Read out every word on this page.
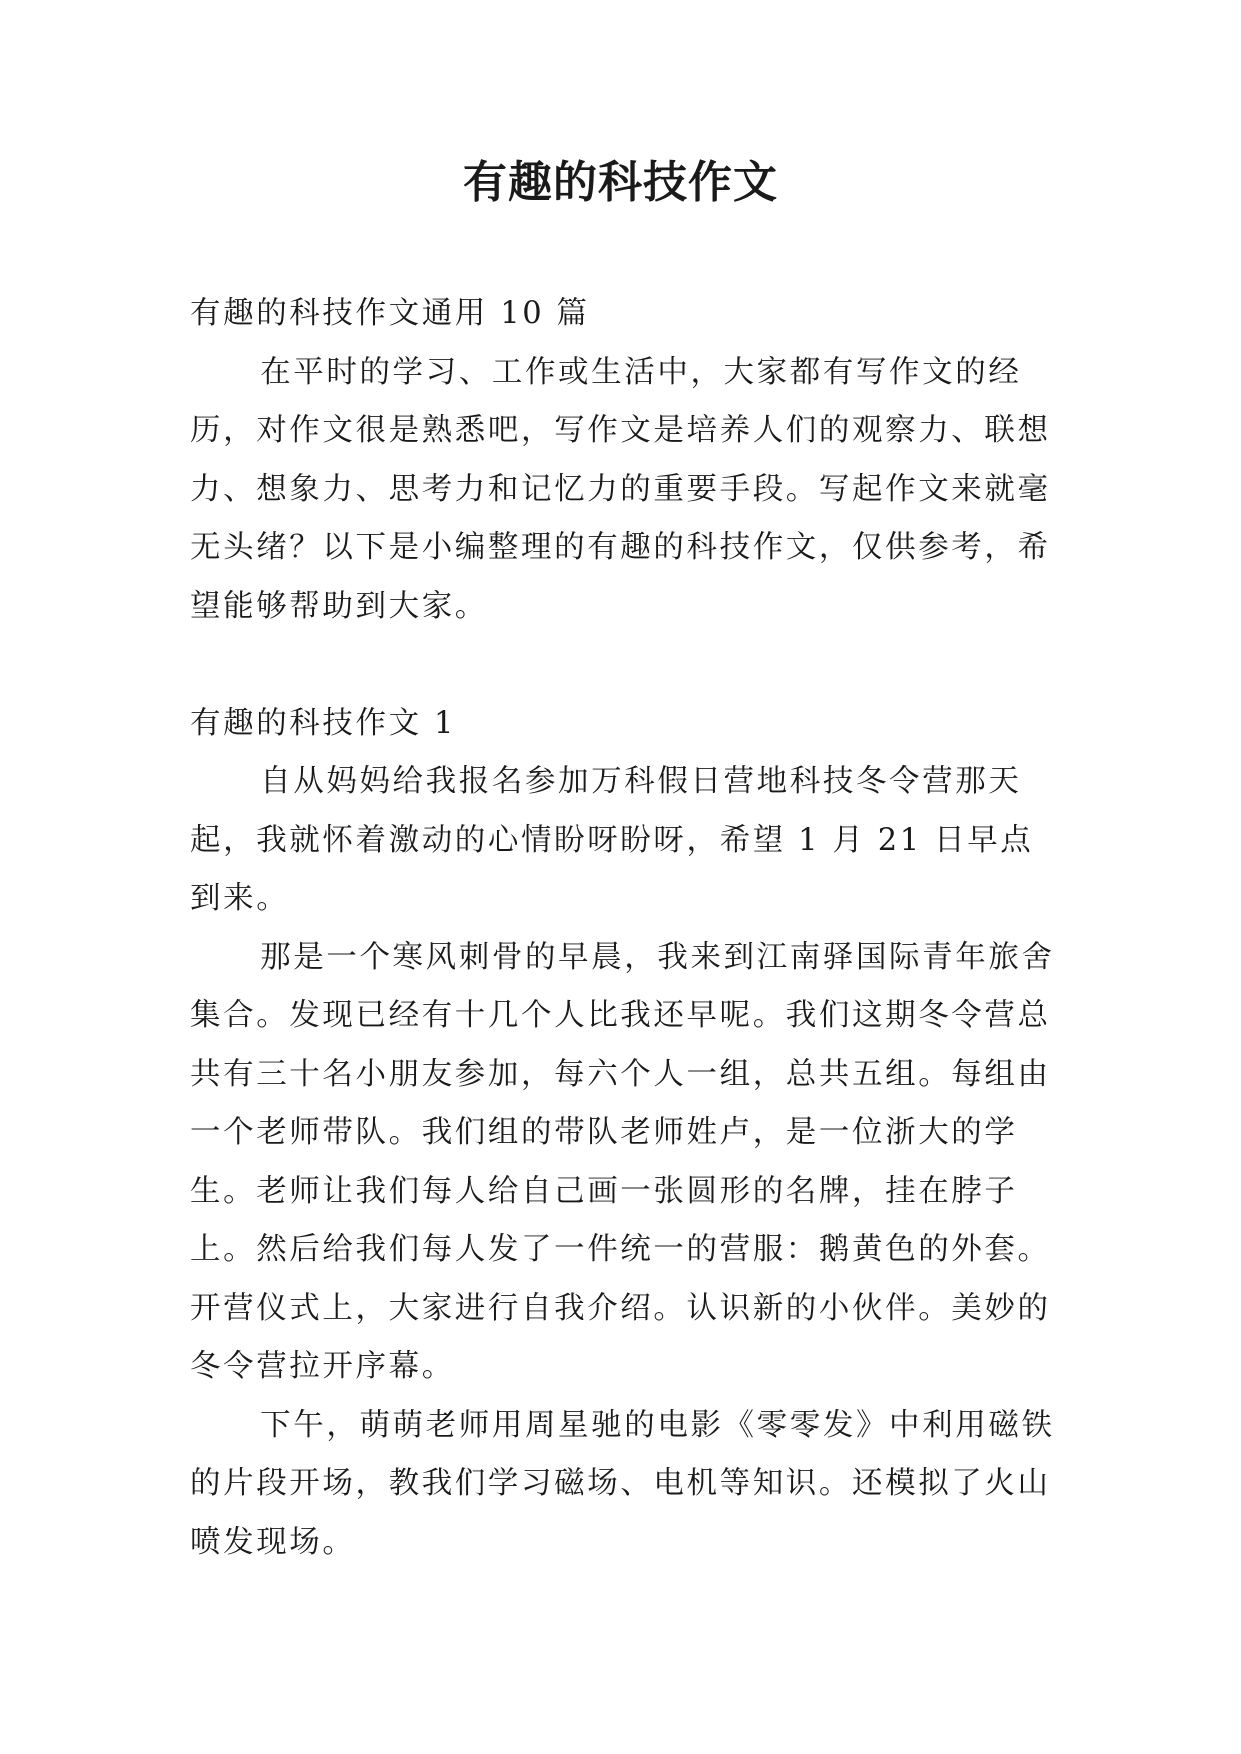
有趣的科技作文

有趣的科技作文通用 10 篇

在平时的学习、工作或生活中，大家都有写作文的经历，对作文很是熟悉吧，写作文是培养人们的观察力、联想力、想象力、思考力和记忆力的重要手段。写起作文来就毫无头绪？以下是小编整理的有趣的科技作文，仅供参考，希望能够帮助到大家。

有趣的科技作文 1

自从妈妈给我报名参加万科假日营地科技冬令营那天起，我就怀着激动的心情盼呀盼呀，希望 1 月 21 日早点到来。

那是一个寒风刺骨的早晨，我来到江南驿国际青年旅舍集合。发现已经有十几个人比我还早呢。我们这期冬令营总共有三十名小朋友参加，每六个人一组，总共五组。每组由一个老师带队。我们组的带队老师姓卢，是一位浙大的学生。老师让我们每人给自己画一张圆形的名牌，挂在脖子上。然后给我们每人发了一件统一的营服：鹅黄色的外套。开营仪式上，大家进行自我介绍。认识新的小伙伴。美妙的冬令营拉开序幕。

下午，萌萌老师用周星驰的电影《零零发》中利用磁铁的片段开场，教我们学习磁场、电机等知识。还模拟了火山喷发现场。
